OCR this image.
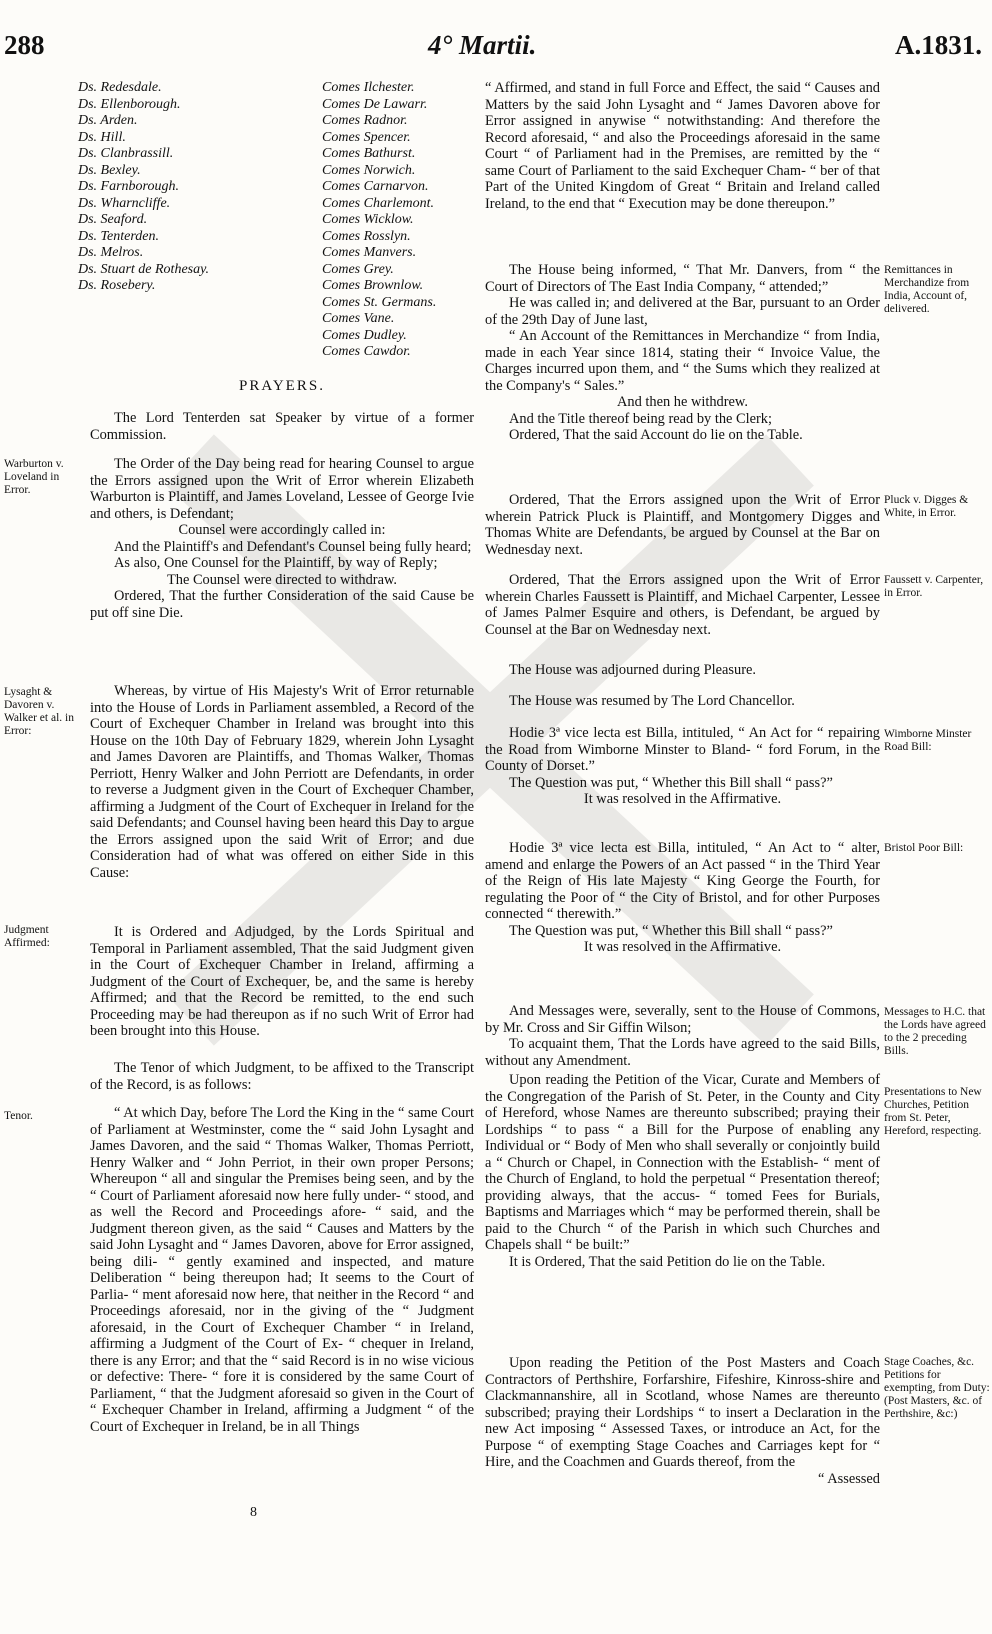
288	4° Martii.	A.1831.
Ds. Redesdale.
Ds. Ellenborough.
Ds. Arden.
Ds. Hill.
Ds. Clanbrassill.
Ds. Bexley.
Ds. Farnborough.
Ds. Wharncliffe.
Ds. Seaford.
Ds. Tenterden.
Ds. Melros.
Ds. Stuart de Rothesay.
Ds. Rosebery.
Comes Ilchester.
Comes De Lawarr.
Comes Radnor.
Comes Spencer.
Comes Bathurst.
Comes Norwich.
Comes Carnarvon.
Comes Charlemont.
Comes Wicklow.
Comes Rosslyn.
Comes Manvers.
Comes Grey.
Comes Brownlow.
Comes St. Germans.
Comes Vane.
Comes Dudley.
Comes Cawdor.
PRAYERS.

The Lord Tenterden sat Speaker by virtue of a former Commission.

The Order of the Day being read for hearing Counsel to argue the Errors assigned upon the Writ of Error wherein Elizabeth Warburton is Plaintiff, and James Loveland, Lessee of George Ivie and others, is Defendant;

Counsel were accordingly called in:

And the Plaintiff's and Defendant's Counsel being fully heard;

As also, One Counsel for the Plaintiff, by way of Reply;

The Counsel were directed to withdraw.

Ordered, That the further Consideration of the said Cause be put off sine Die.

Whereas, by virtue of His Majesty's Writ of Error returnable into the House of Lords in Parliament assembled, a Record of the Court of Exchequer Chamber in Ireland was brought into this House on the 10th Day of February 1829, wherein John Lysaght and James Davoren are Plaintiffs, and Thomas Walker, Thomas Perriott, Henry Walker and John Perriott are Defendants, in order to reverse a Judgment given in the Court of Exchequer Chamber, affirming a Judgment of the Court of Exchequer in Ireland for the said Defendants; and Counsel having been heard this Day to argue the Errors assigned upon the said Writ of Error; and due Consideration had of what was offered on either Side in this Cause:

It is Ordered and Adjudged, by the Lords Spiritual and Temporal in Parliament assembled, That the said Judgment given in the Court of Exchequer Chamber in Ireland, affirming a Judgment of the Court of Exchequer, be, and the same is hereby Affirmed; and that the Record be remitted, to the end such Proceeding may be had thereupon as if no such Writ of Error had been brought into this House.

The Tenor of which Judgment, to be affixed to the Transcript of the Record, is as follows:

“ At which Day, before The Lord the King in the “ same Court of Parliament at Westminster, come the “ said John Lysaght and James Davoren, and the said “ Thomas Walker, Thomas Perriott, Henry Walker and “ John Perriot, in their own proper Persons; Whereupon “ all and singular the Premises being seen, and by the “ Court of Parliament aforesaid now here fully under- “ stood, and as well the Record and Proceedings afore- “ said, and the Judgment thereon given, as the said “ Causes and Matters by the said John Lysaght and “ James Davoren, above for Error assigned, being dili- “ gently examined and inspected, and mature Deliberation “ being thereupon had; It seems to the Court of Parlia- “ ment aforesaid now here, that neither in the Record “ and Proceedings aforesaid, nor in the giving of the “ Judgment aforesaid, in the Court of Exchequer Chamber “ in Ireland, affirming a Judgment of the Court of Ex- “ chequer in Ireland, there is any Error; and that the “ said Record is in no wise vicious or defective: There- “ fore it is considered by the same Court of Parliament, “ that the Judgment aforesaid so given in the Court of “ Exchequer Chamber in Ireland, affirming a Judgment “ of the Court of Exchequer in Ireland, be in all Things

8

“ Affirmed, and stand in full Force and Effect, the said “ Causes and Matters by the said John Lysaght and “ James Davoren above for Error assigned in anywise “ notwithstanding: And therefore the Record aforesaid, “ and also the Proceedings aforesaid in the same Court “ of Parliament had in the Premises, are remitted by the “ same Court of Parliament to the said Exchequer Cham- “ ber of that Part of the United Kingdom of Great “ Britain and Ireland called Ireland, to the end that “ Execution may be done thereupon.”

The House being informed, “ That Mr. Danvers, from “ the Court of Directors of The East India Company, “ attended;”

He was called in; and delivered at the Bar, pursuant to an Order of the 29th Day of June last,

“ An Account of the Remittances in Merchandize “ from India, made in each Year since 1814, stating their “ Invoice Value, the Charges incurred upon them, and “ the Sums which they realized at the Company's “ Sales.”

And then he withdrew.

And the Title thereof being read by the Clerk;

Ordered, That the said Account do lie on the Table.

Ordered, That the Errors assigned upon the Writ of Error wherein Patrick Pluck is Plaintiff, and Montgomery Digges and Thomas White are Defendants, be argued by Counsel at the Bar on Wednesday next.

Ordered, That the Errors assigned upon the Writ of Error wherein Charles Faussett is Plaintiff, and Michael Carpenter, Lessee of James Palmer Esquire and others, is Defendant, be argued by Counsel at the Bar on Wednesday next.

The House was adjourned during Pleasure.

The House was resumed by The Lord Chancellor.

Hodie 3ª vice lecta est Billa, intituled, “ An Act for “ repairing the Road from Wimborne Minster to Bland- “ ford Forum, in the County of Dorset.”

The Question was put, “ Whether this Bill shall “ pass?”

It was resolved in the Affirmative.

Hodie 3ª vice lecta est Billa, intituled, “ An Act to “ alter, amend and enlarge the Powers of an Act passed “ in the Third Year of the Reign of His late Majesty “ King George the Fourth, for regulating the Poor of “ the City of Bristol, and for other Purposes connected “ therewith.”

The Question was put, “ Whether this Bill shall “ pass?”

It was resolved in the Affirmative.

And Messages were, severally, sent to the House of Commons, by Mr. Cross and Sir Giffin Wilson;

To acquaint them, That the Lords have agreed to the said Bills, without any Amendment.

Upon reading the Petition of the Vicar, Curate and Members of the Congregation of the Parish of St. Peter, in the County and City of Hereford, whose Names are thereunto subscribed; praying their Lordships “ to pass “ a Bill for the Purpose of enabling any Individual or “ Body of Men who shall severally or conjointly build a “ Church or Chapel, in Connection with the Establish- “ ment of the Church of England, to hold the perpetual “ Presentation thereof; providing always, that the accus- “ tomed Fees for Burials, Baptisms and Marriages which “ may be performed therein, shall be paid to the Church “ of the Parish in which such Churches and Chapels shall “ be built:”

It is Ordered, That the said Petition do lie on the Table.

Upon reading the Petition of the Post Masters and Coach Contractors of Perthshire, Forfarshire, Fifeshire, Kinross-shire and Clackmannanshire, all in Scotland, whose Names are thereunto subscribed; praying their Lordships “ to insert a Declaration in the new Act imposing “ Assessed Taxes, or introduce an Act, for the Purpose “ of exempting Stage Coaches and Carriages kept for “ Hire, and the Coachmen and Guards thereof, from the

“ Assessed

Warburton v. Loveland in Error.
Lysaght & Davoren v. Walker et al. in Error:
Judgment Affirmed:
Tenor.
Remittances in Merchandize from India, Account of, delivered.
Pluck v. Digges & White, in Error.
Faussett v. Carpenter, in Error.
Wimborne Minster Road Bill:
Bristol Poor Bill:
Messages to H.C. that the Lords have agreed to the 2 preceding Bills.
Presentations to New Churches, Petition from St. Peter, Hereford, respecting.
Stage Coaches, &c. Petitions for exempting, from Duty: (Post Masters, &c. of Perthshire, &c:)
